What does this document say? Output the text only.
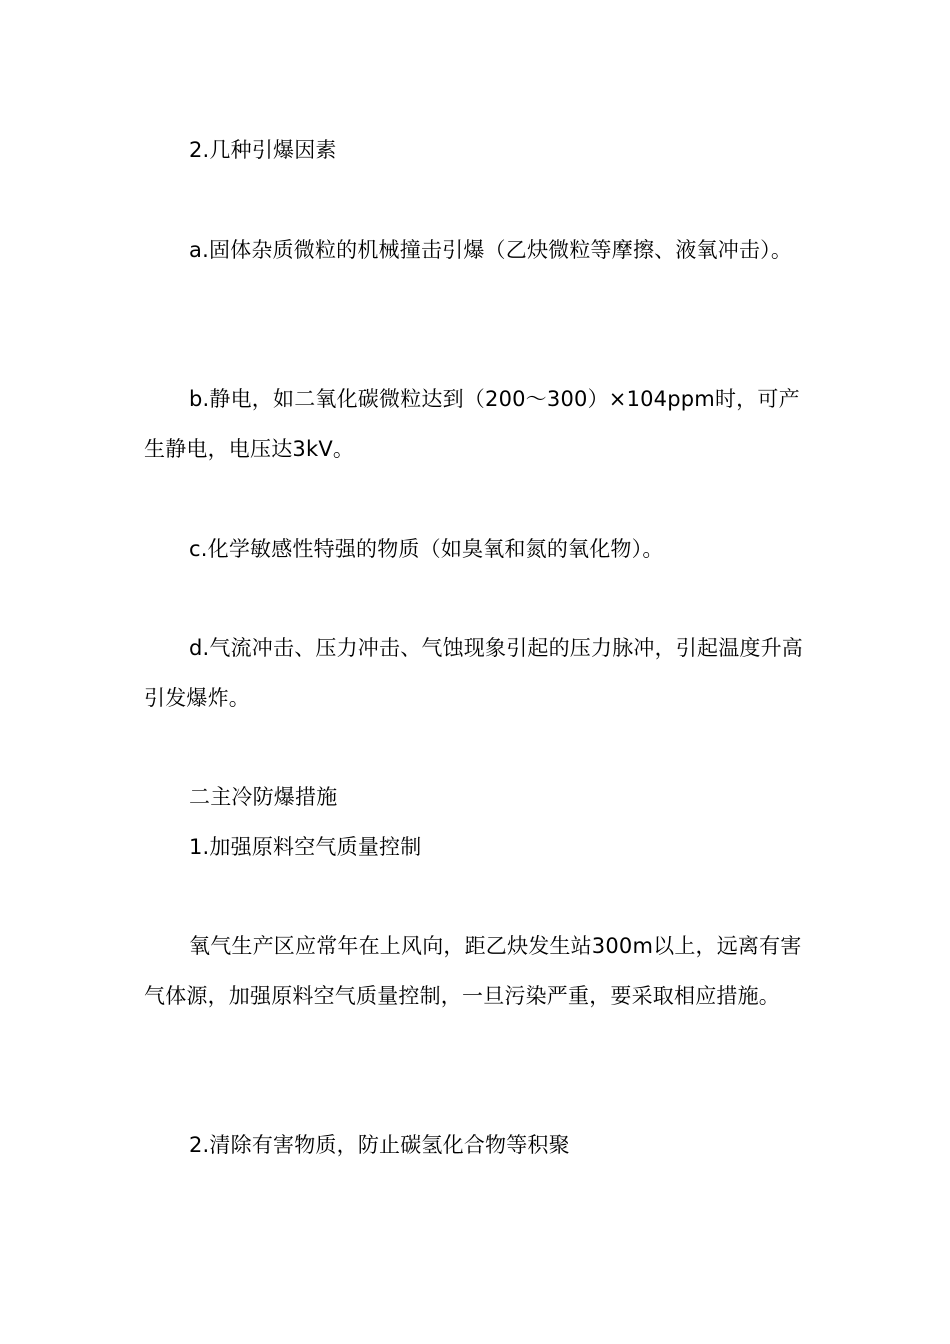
2.几种引爆因素

a.固体杂质微粒的机械撞击引爆（乙炔微粒等摩擦、液氧冲击）。

b.静电，如二氧化碳微粒达到（200～300）×104ppm时，可产生静电，电压达3kV。

c.化学敏感性特强的物质（如臭氧和氮的氧化物）。

d.气流冲击、压力冲击、气蚀现象引起的压力脉冲，引起温度升高引发爆炸。

二主冷防爆措施

1.加强原料空气质量控制

氧气生产区应常年在上风向，距乙炔发生站300m以上，远离有害气体源，加强原料空气质量控制，一旦污染严重，要采取相应措施。

2.清除有害物质，防止碳氢化合物等积聚
